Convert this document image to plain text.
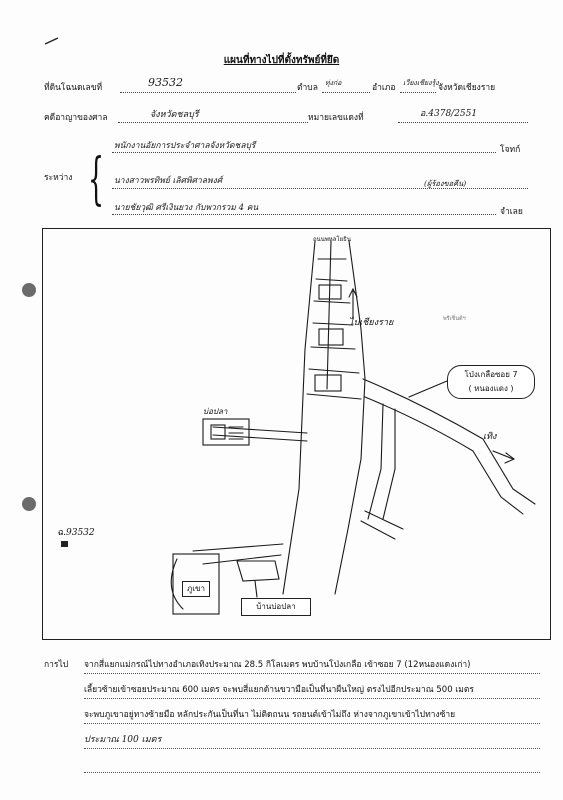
แผนที่ทางไปที่ตั้งทรัพย์ที่ยึด
ที่ดินโฉนดเลขที่	93532	ตำบล ทุ่งก่อ	อำเภอ เวียงเชียงรุ้ง จังหวัดเชียงราย
คดีอาญาของศาล	จังหวัดชลบุรี	หมายเลขแดงที่	อ.4378/2551
ระหว่าง {
พนักงานอัยการประจำศาลจังหวัดชลบุรี	โจทก์
นางสาวพรทิพย์ เลิศพิศาลพงศ์	(ผู้ร้องขอคืน)
นายชัยวุฒิ ศรีเงินยวง กับพวกรวม 4 คน	จำเลย
ถนนพหลโยธิน
ไปเชียงราย	พรีเซ็นต์ฯ
บ่อปลา
โป่งเกลือซอย 7
( หนองแดง )
เทิง
ฉ.93532
ภูเขา
บ้านบ่อปลา
การไป จากสี่แยกแม่กรณ์ไปทางอำเภอเทิงประมาณ 28.5 กิโลเมตร พบบ้านโป่งเกลือ เข้าซอย 7 (12หนองแดงเก่า)
เลี้ยวซ้ายเข้าซอยประมาณ 600 เมตร จะพบสี่แยกด้านขวามือเป็นที่นาผืนใหญ่ ตรงไปอีกประมาณ 500 เมตร
จะพบภูเขาอยู่ทางซ้ายมือ หลักประกันเป็นที่นา ไม่ติดถนน รถยนต์เข้าไม่ถึง ห่างจากภูเขาเข้าไปทางซ้าย
ประมาณ 100 เมตร
